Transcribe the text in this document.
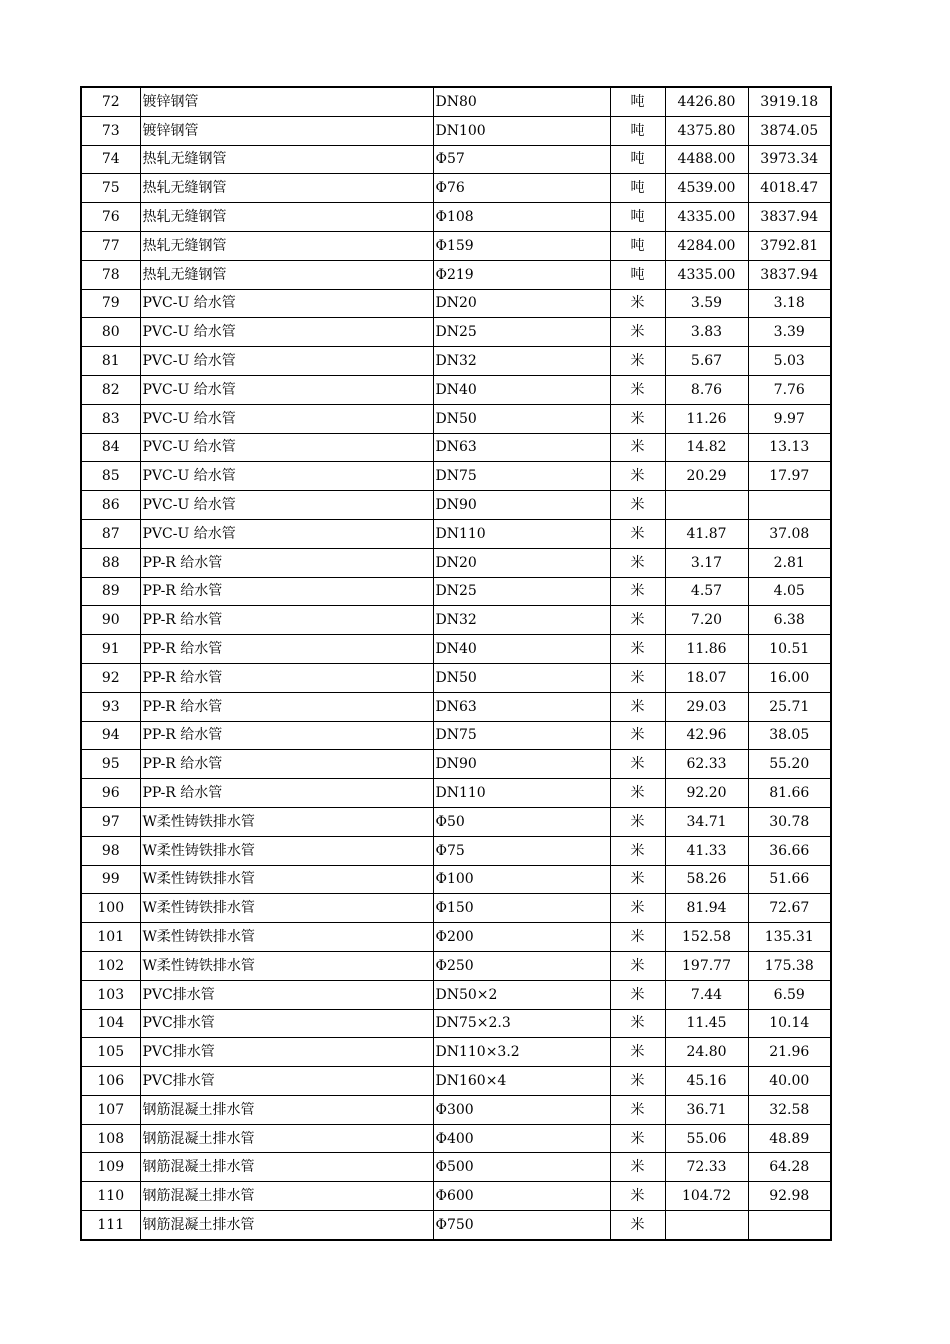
72	镀锌钢管	DN80	吨	4426.80	3919.18
73	镀锌钢管	DN100	吨	4375.80	3874.05
74	热轧无缝钢管	Φ57	吨	4488.00	3973.34
75	热轧无缝钢管	Φ76	吨	4539.00	4018.47
76	热轧无缝钢管	Φ108	吨	4335.00	3837.94
77	热轧无缝钢管	Φ159	吨	4284.00	3792.81
78	热轧无缝钢管	Φ219	吨	4335.00	3837.94
79	PVC-U 给水管	DN20	米	3.59	3.18
80	PVC-U 给水管	DN25	米	3.83	3.39
81	PVC-U 给水管	DN32	米	5.67	5.03
82	PVC-U 给水管	DN40	米	8.76	7.76
83	PVC-U 给水管	DN50	米	11.26	9.97
84	PVC-U 给水管	DN63	米	14.82	13.13
85	PVC-U 给水管	DN75	米	20.29	17.97
86	PVC-U 给水管	DN90	米		
87	PVC-U 给水管	DN110	米	41.87	37.08
88	PP-R 给水管	DN20	米	3.17	2.81
89	PP-R 给水管	DN25	米	4.57	4.05
90	PP-R 给水管	DN32	米	7.20	6.38
91	PP-R 给水管	DN40	米	11.86	10.51
92	PP-R 给水管	DN50	米	18.07	16.00
93	PP-R 给水管	DN63	米	29.03	25.71
94	PP-R 给水管	DN75	米	42.96	38.05
95	PP-R 给水管	DN90	米	62.33	55.20
96	PP-R 给水管	DN110	米	92.20	81.66
97	W柔性铸铁排水管	Φ50	米	34.71	30.78
98	W柔性铸铁排水管	Φ75	米	41.33	36.66
99	W柔性铸铁排水管	Φ100	米	58.26	51.66
100	W柔性铸铁排水管	Φ150	米	81.94	72.67
101	W柔性铸铁排水管	Φ200	米	152.58	135.31
102	W柔性铸铁排水管	Φ250	米	197.77	175.38
103	PVC排水管	DN50×2	米	7.44	6.59
104	PVC排水管	DN75×2.3	米	11.45	10.14
105	PVC排水管	DN110×3.2	米	24.80	21.96
106	PVC排水管	DN160×4	米	45.16	40.00
107	钢筋混凝土排水管	Φ300	米	36.71	32.58
108	钢筋混凝土排水管	Φ400	米	55.06	48.89
109	钢筋混凝土排水管	Φ500	米	72.33	64.28
110	钢筋混凝土排水管	Φ600	米	104.72	92.98
111	钢筋混凝土排水管	Φ750	米		
